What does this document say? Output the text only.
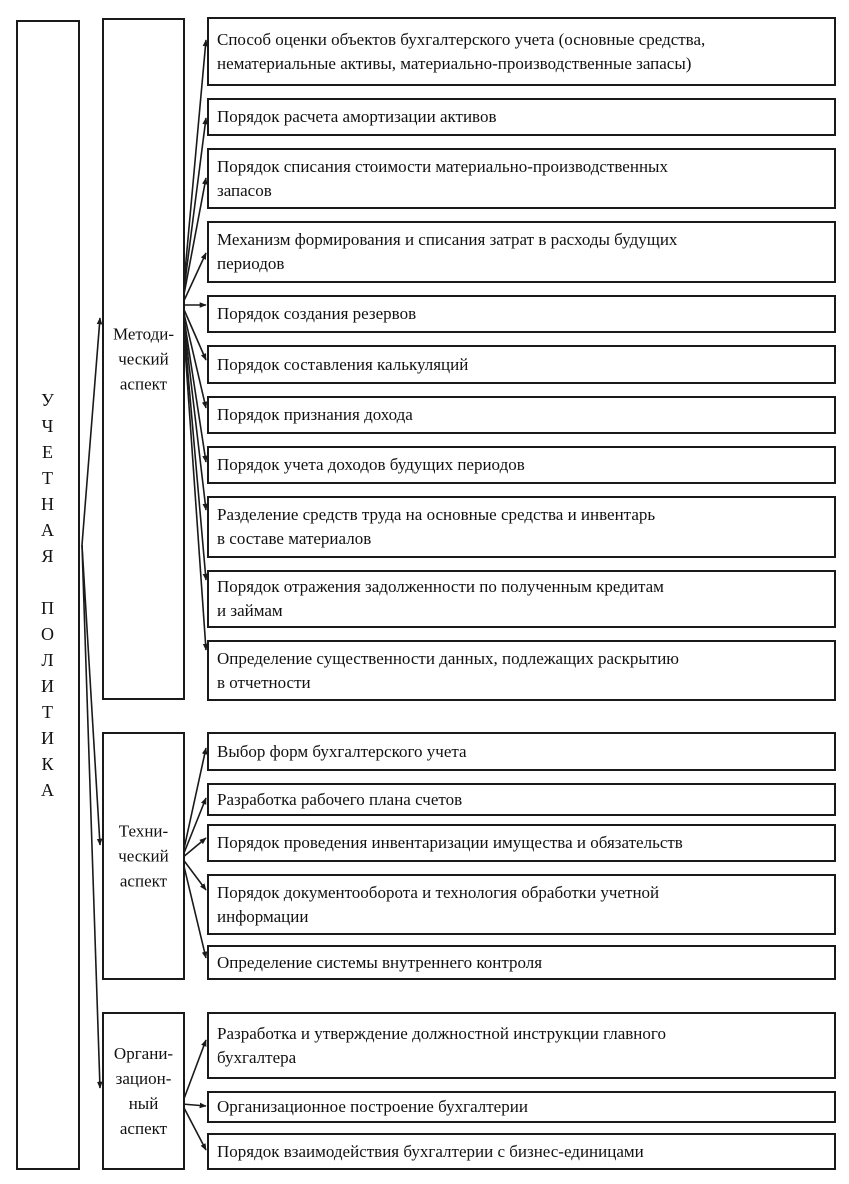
У
Ч
Е
Т
Н
А
Я
П
О
Л
И
Т
И
К
А
Методи-
ческий
аспект
Техни-
ческий
аспект
Органи-
зацион-
ный
аспект
Способ оценки объектов бухгалтерского учета (основные средства,
нематериальные активы, материально-производственные запасы)
Порядок расчета амортизации активов
Порядок списания стоимости материально-производственных
запасов
Механизм формирования и списания затрат в расходы будущих
периодов
Порядок создания резервов
Порядок составления калькуляций
Порядок признания дохода
Порядок учета доходов будущих периодов
Разделение средств труда на основные средства и инвентарь
в составе материалов
Порядок отражения задолженности по полученным кредитам
и займам
Определение существенности данных, подлежащих раскрытию
в отчетности
Выбор форм бухгалтерского учета
Разработка рабочего плана счетов
Порядок проведения инвентаризации имущества и обязательств
Порядок документооборота и технология обработки учетной
информации
Определение системы внутреннего контроля
Разработка и утверждение должностной инструкции главного
бухгалтера
Организационное построение бухгалтерии
Порядок взаимодействия бухгалтерии с бизнес-единицами
